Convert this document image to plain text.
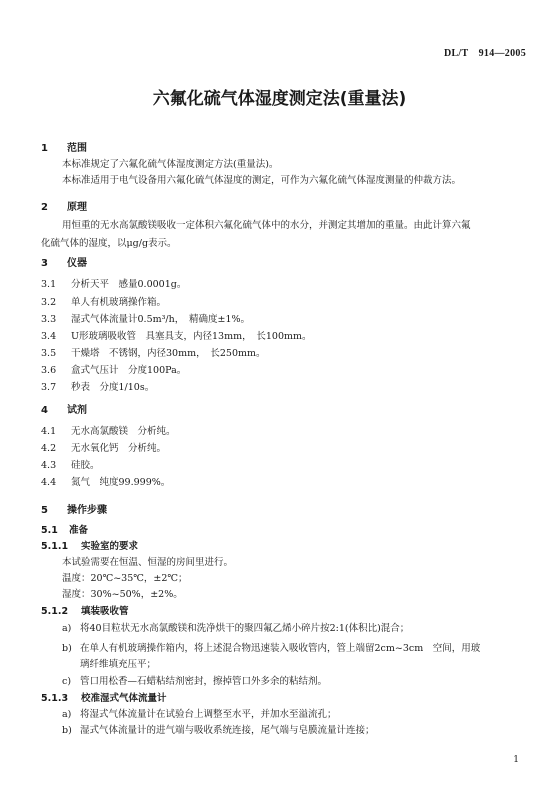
DL/T　914—2005
六氟化硫气体湿度测定法(重量法)
1 范围
本标准规定了六氟化硫气体湿度测定方法(重量法)。
本标准适用于电气设备用六氟化硫气体湿度的测定，可作为六氟化硫气体湿度测量的仲裁方法。
2 原理
用恒重的无水高氯酸镁吸收一定体积六氟化硫气体中的水分，并测定其增加的重量。由此计算六氟
化硫气体的湿度，以μg/g表示。
3 仪器
3.1 分析天平　感量0.0001g。
3.2 单人有机玻璃操作箱。
3.3 湿式气体流量计0.5m³/h，　精确度±1%。
3.4 U形玻璃吸收管　具塞具支，内径13mm，　长100mm。
3.5 干燥塔　不锈钢，内径30mm，　长250mm。
3.6 盒式气压计　分度100Pa。
3.7 秒表　分度1/10s。
4 试剂
4.1 无水高氯酸镁　分析纯。
4.2 无水氧化钙　分析纯。
4.3 硅胶。
4.4 氮气　纯度99.999%。
5 操作步骤
5.1 准备
5.1.1 实验室的要求
本试验需要在恒温、恒湿的房间里进行。
温度：20℃~35℃，±2℃；
湿度：30%~50%，±2%。
5.1.2 填装吸收管
a) 将40目粒状无水高氯酸镁和洗净烘干的聚四氟乙烯小碎片按2:1(体积比)混合；
b) 在单人有机玻璃操作箱内，将上述混合物迅速装入吸收管内，管上端留2cm~3cm　空间，用玻
璃纤维填充压平；
c) 管口用松香—石蜡粘结剂密封，擦掉管口外多余的粘结剂。
5.1.3 校准湿式气体流量计
a) 将湿式气体流量计在试验台上调整至水平，并加水至溢流孔；
b) 湿式气体流量计的进气端与吸收系统连接，尾气端与皂膜流量计连接；
1
